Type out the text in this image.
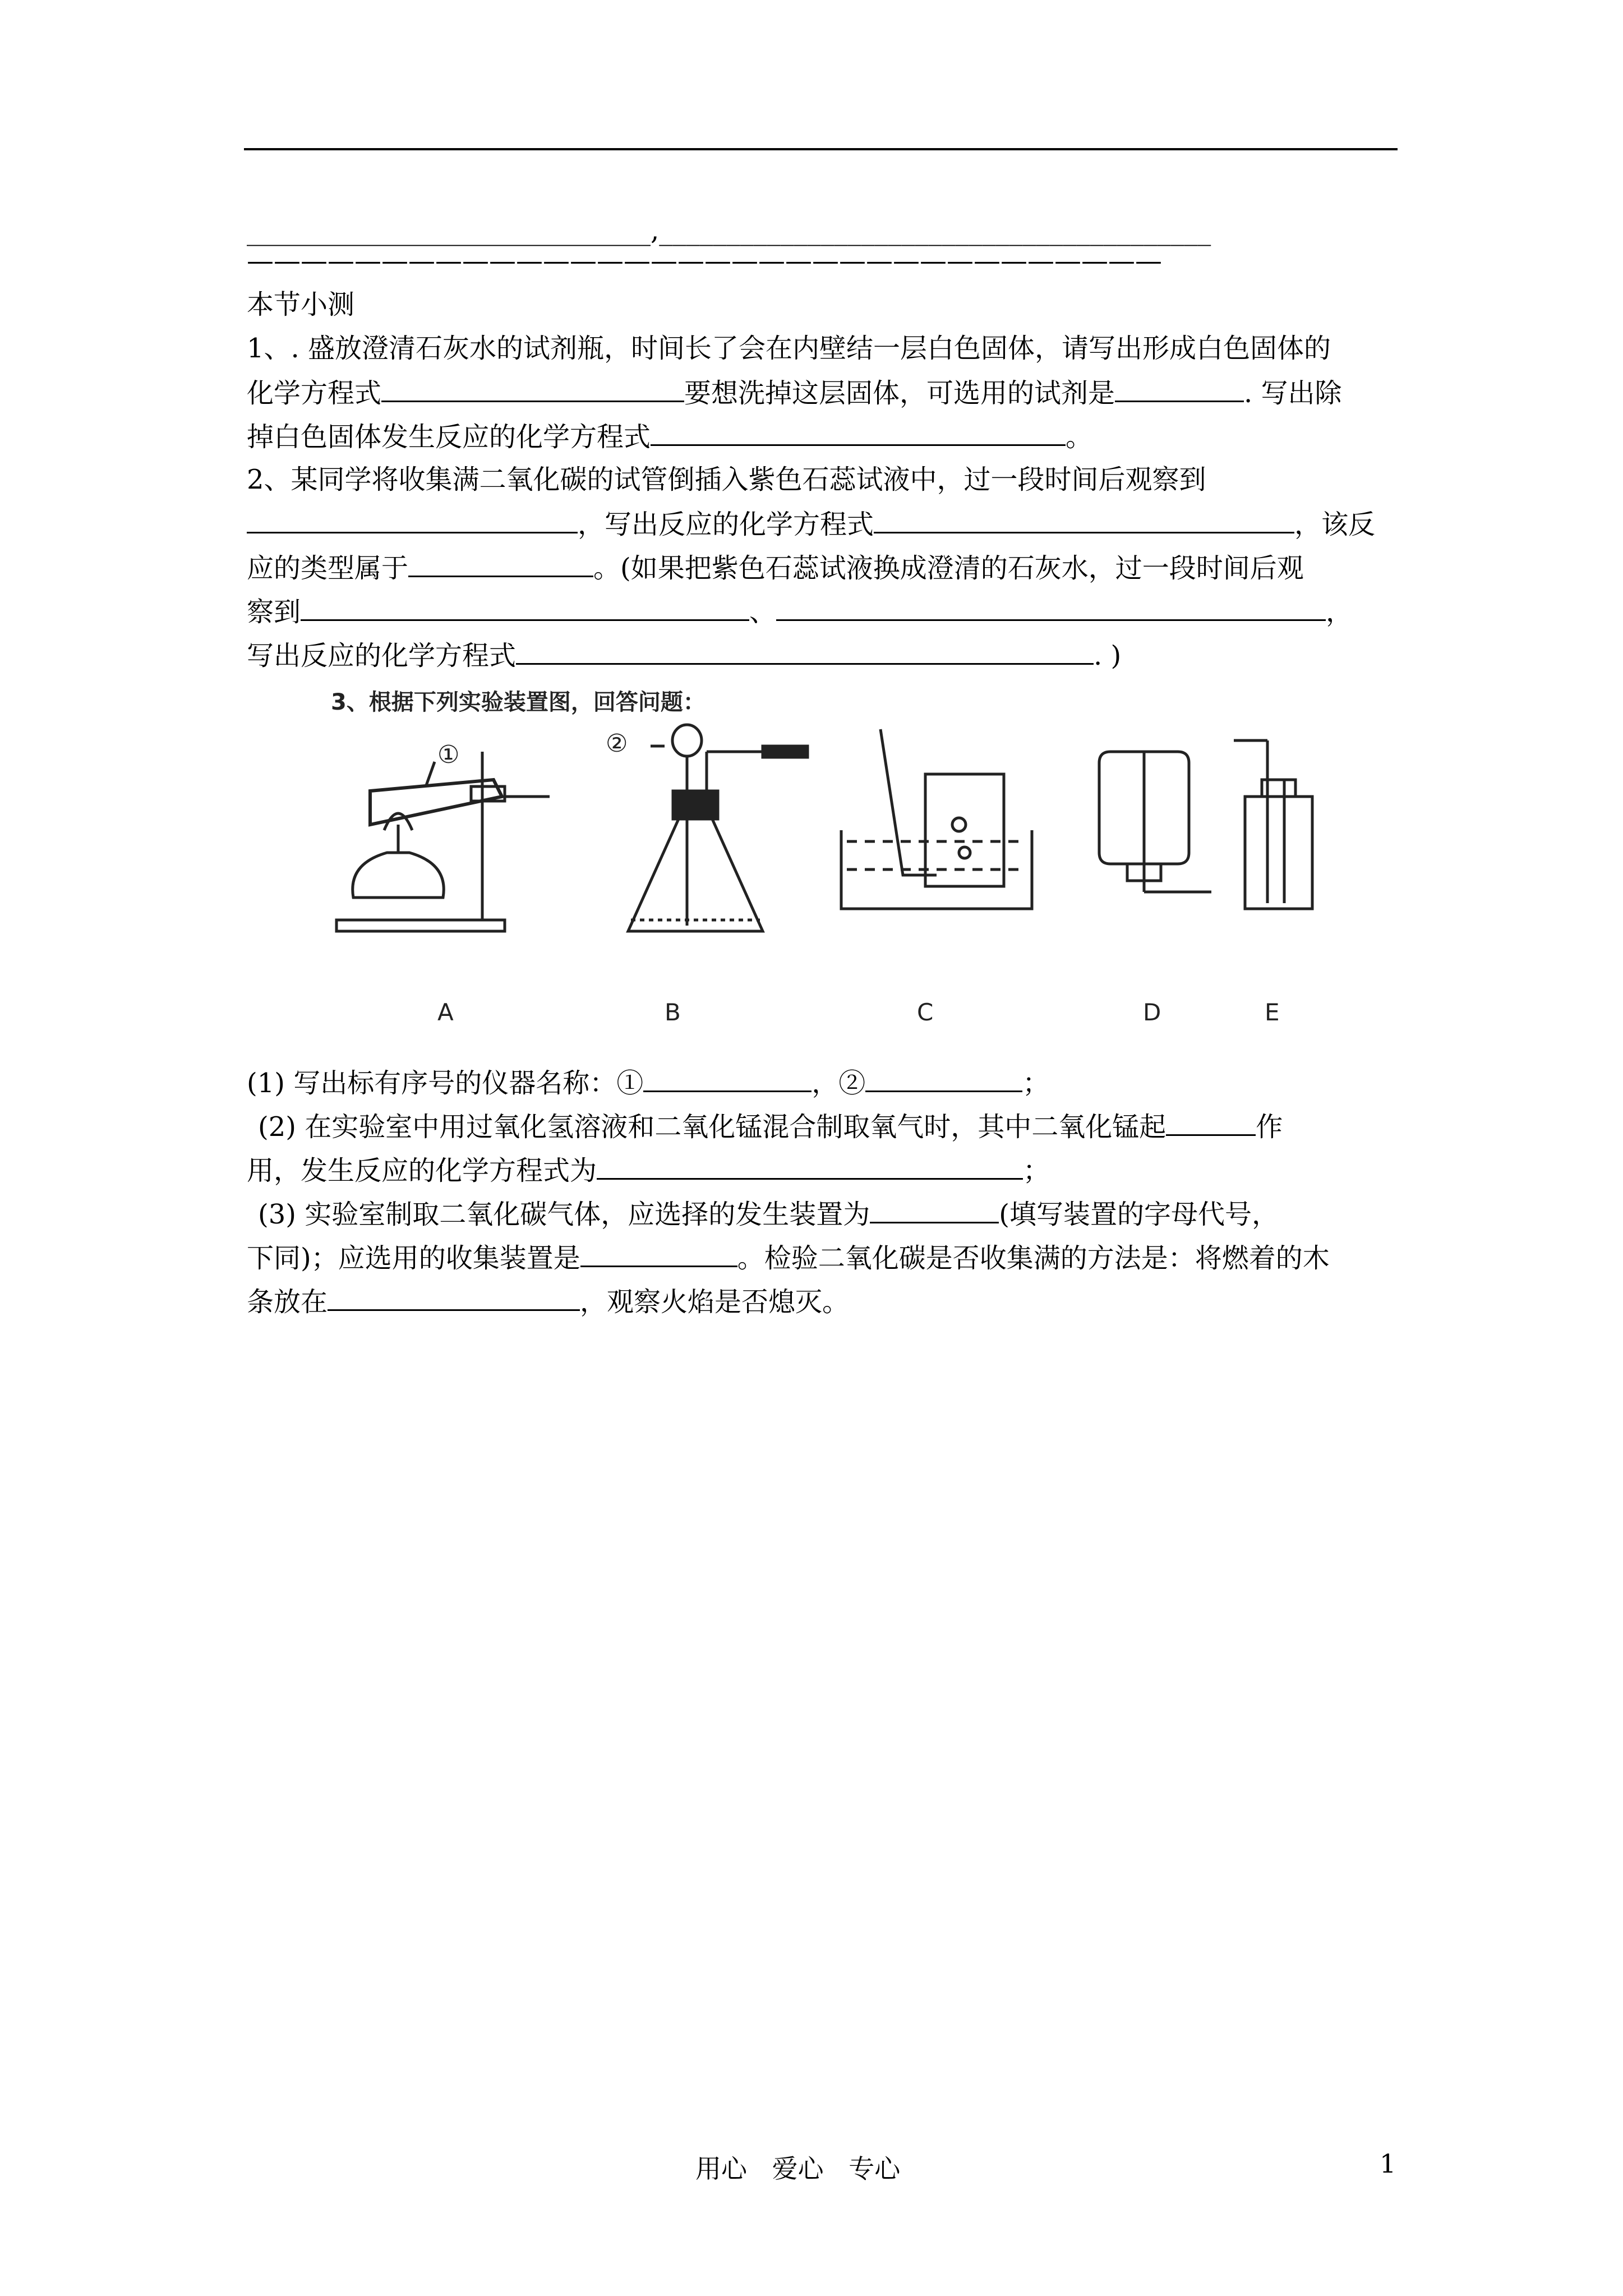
______________________________,_________________________________________
——————————————————————————————————
本节小测
1、. 盛放澄清石灰水的试剂瓶，时间长了会在内壁结一层白色固体，请写出形成白色固体的
化学方程式	要想洗掉这层固体，可选用的试剂是	. 写出除
掉白色固体发生反应的化学方程式	。
2、某同学将收集满二氧化碳的试管倒插入紫色石蕊试液中，过一段时间后观察到
，写出反应的化学方程式	，该反
应的类型属于	。(如果把紫色石蕊试液换成澄清的石灰水，过一段时间后观
察到	、	，
写出反应的化学方程式	. )
3、根据下列实验装置图，回答问题：
①	②
A	B	C	D	E
(1) 写出标有序号的仪器名称：①	，②	；
(2) 在实验室中用过氧化氢溶液和二氧化锰混合制取氧气时，其中二氧化锰起	作
用，发生反应的化学方程式为	；
(3) 实验室制取二氧化碳气体，应选择的发生装置为	(填写装置的字母代号，
下同)；应选用的收集装置是	。检验二氧化碳是否收集满的方法是：将燃着的木
条放在	，观察火焰是否熄灭。
用心 爱心 专心	1
